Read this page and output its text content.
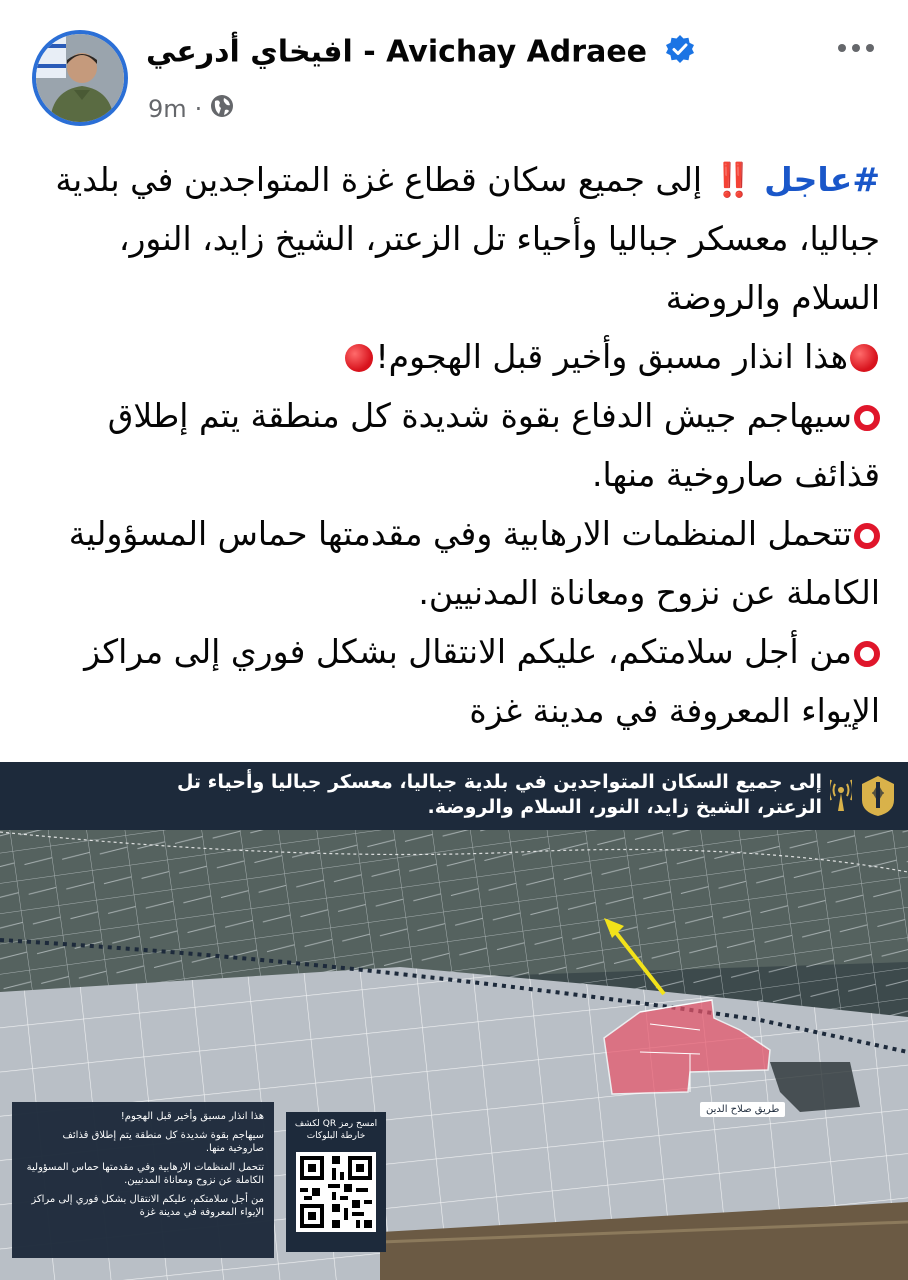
افيخاي أدرعي - Avichay Adraee
9m ·

#عاجل ‼️ إلى جميع سكان قطاع غزة المتواجدين في بلدية جباليا، معسكر جباليا وأحياء تل الزعتر، الشيخ زايد، النور، السلام والروضة

هذا انذار مسبق وأخير قبل الهجوم!

سيهاجم جيش الدفاع بقوة شديدة كل منطقة يتم إطلاق قذائف صاروخية منها.

تتحمل المنظمات الارهابية وفي مقدمتها حماس المسؤولية الكاملة عن نزوح ومعاناة المدنيين.

من أجل سلامتكم، عليكم الانتقال بشكل فوري إلى مراكز الإيواء المعروفة في مدينة غزة

إلى جميع السكان المتواجدين في بلدية جباليا، معسكر جباليا وأحياء تل الزعتر، الشيخ زايد، النور، السلام والروضة.
طريق صلاح الدين

هذا انذار مسبق وأخير قبل الهجوم!

سيهاجم بقوة شديدة كل منطقة يتم إطلاق قذائف صاروخية منها.

تتحمل المنظمات الارهابية وفي مقدمتها حماس المسؤولية الكاملة عن نزوح ومعاناة المدنيين.

من أجل سلامتكم، عليكم الانتقال بشكل فوري إلى مراكز الإيواء المعروفة في مدينة غزة

امسح رمز QR لكشف خارطة البلوكات
